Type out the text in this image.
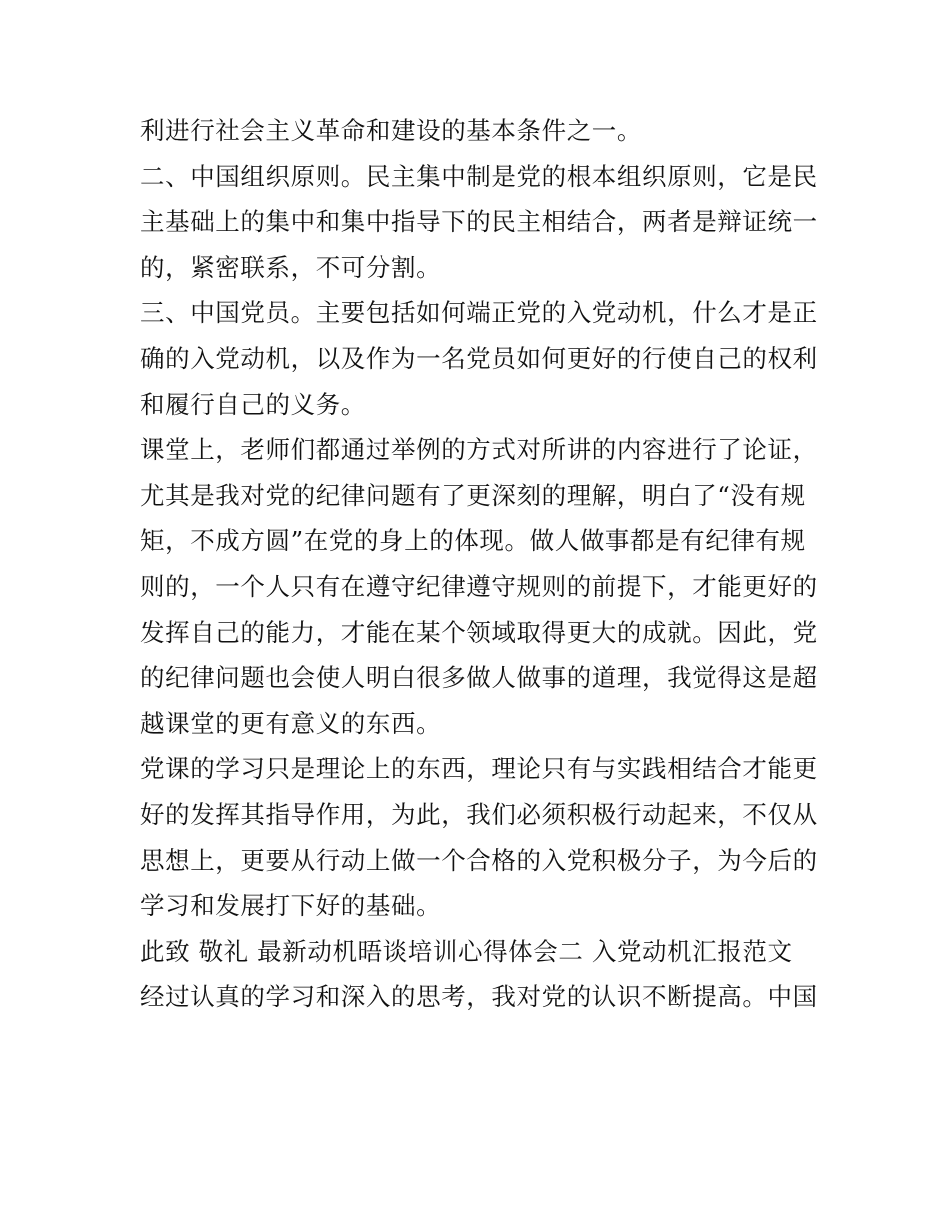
利进行社会主义革命和建设的基本条件之一。
二、中国组织原则。民主集中制是党的根本组织原则，它是民
主基础上的集中和集中指导下的民主相结合，两者是辩证统一
的，紧密联系，不可分割。
三、中国党员。主要包括如何端正党的入党动机，什么才是正
确的入党动机，以及作为一名党员如何更好的行使自己的权利
和履行自己的义务。
课堂上，老师们都通过举例的方式对所讲的内容进行了论证，
尤其是我对党的纪律问题有了更深刻的理解，明白了“没有规
矩，不成方圆”在党的身上的体现。做人做事都是有纪律有规
则的，一个人只有在遵守纪律遵守规则的前提下，才能更好的
发挥自己的能力，才能在某个领域取得更大的成就。因此，党
的纪律问题也会使人明白很多做人做事的道理，我觉得这是超
越课堂的更有意义的东西。
党课的学习只是理论上的东西，理论只有与实践相结合才能更
好的发挥其指导作用，为此，我们必须积极行动起来，不仅从
思想上，更要从行动上做一个合格的入党积极分子，为今后的
学习和发展打下好的基础。
此致 敬礼 最新动机晤谈培训心得体会二 入党动机汇报范文
经过认真的学习和深入的思考，我对党的认识不断提高。中国
